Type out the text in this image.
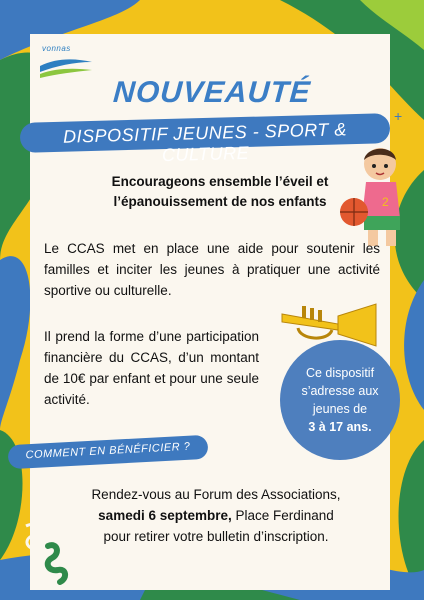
vonnas
NOUVEAUTÉ
DISPOSITIF JEUNES - SPORT & CULTURE
+
2
Encourageons ensemble l’éveil et
l’épanouissement de nos enfants
Le CCAS met en place une aide pour soutenir les familles et inciter les jeunes à pratiquer une activité sportive ou culturelle.
Il prend la forme d’une participation financière du CCAS, d’un montant de 10€ par enfant et pour une seule activité.
Ce dispositif s’adresse aux jeunes de
3 à 17 ans.
COMMENT EN BÉNÉFICIER ?
Rendez-vous au Forum des Associations,
samedi 6 septembre, Place Ferdinand
pour retirer votre bulletin d’inscription.
